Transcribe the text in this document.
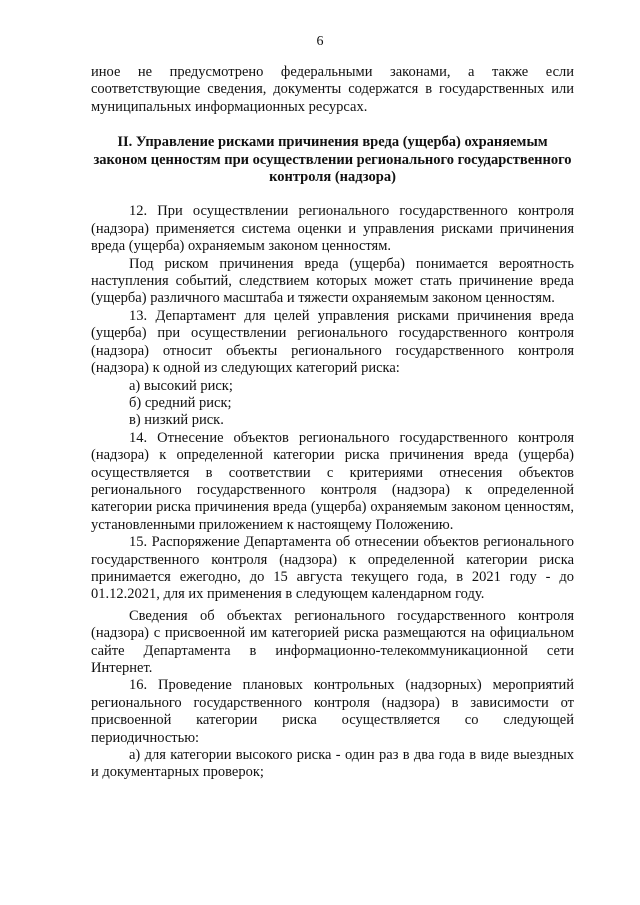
6

иное не предусмотрено федеральными законами, а также если соответствующие сведения, документы содержатся в государственных или муниципальных информационных ресурсах.

II. Управление рисками причинения вреда (ущерба) охраняемым законом ценностям при осуществлении регионального государственного контроля (надзора)

12. При осуществлении регионального государственного контроля (надзора) применяется система оценки и управления рисками причинения вреда (ущерба) охраняемым законом ценностям.

Под риском причинения вреда (ущерба) понимается вероятность наступления событий, следствием которых может стать причинение вреда (ущерба) различного масштаба и тяжести охраняемым законом ценностям.

13. Департамент для целей управления рисками причинения вреда (ущерба) при осуществлении регионального государственного контроля (надзора) относит объекты регионального государственного контроля (надзора) к одной из следующих категорий риска:

а) высокий риск;

б) средний риск;

в) низкий риск.

14. Отнесение объектов регионального государственного контроля (надзора) к определенной категории риска причинения вреда (ущерба) осуществляется в соответствии с критериями отнесения объектов регионального государственного контроля (надзора) к определенной категории риска причинения вреда (ущерба) охраняемым законом ценностям, установленными приложением к настоящему Положению.

15. Распоряжение Департамента об отнесении объектов регионального государственного контроля (надзора) к определенной категории риска принимается ежегодно, до 15 августа текущего года, в 2021 году - до 01.12.2021, для их применения в следующем календарном году.

Сведения об объектах регионального государственного контроля (надзора) с присвоенной им категорией риска размещаются на официальном сайте Департамента в информационно-телекоммуникационной сети Интернет.

16. Проведение плановых контрольных (надзорных) мероприятий регионального государственного контроля (надзора) в зависимости от присвоенной категории риска осуществляется со следующей периодичностью:

а) для категории высокого риска - один раз в два года в виде выездных и документарных проверок;
